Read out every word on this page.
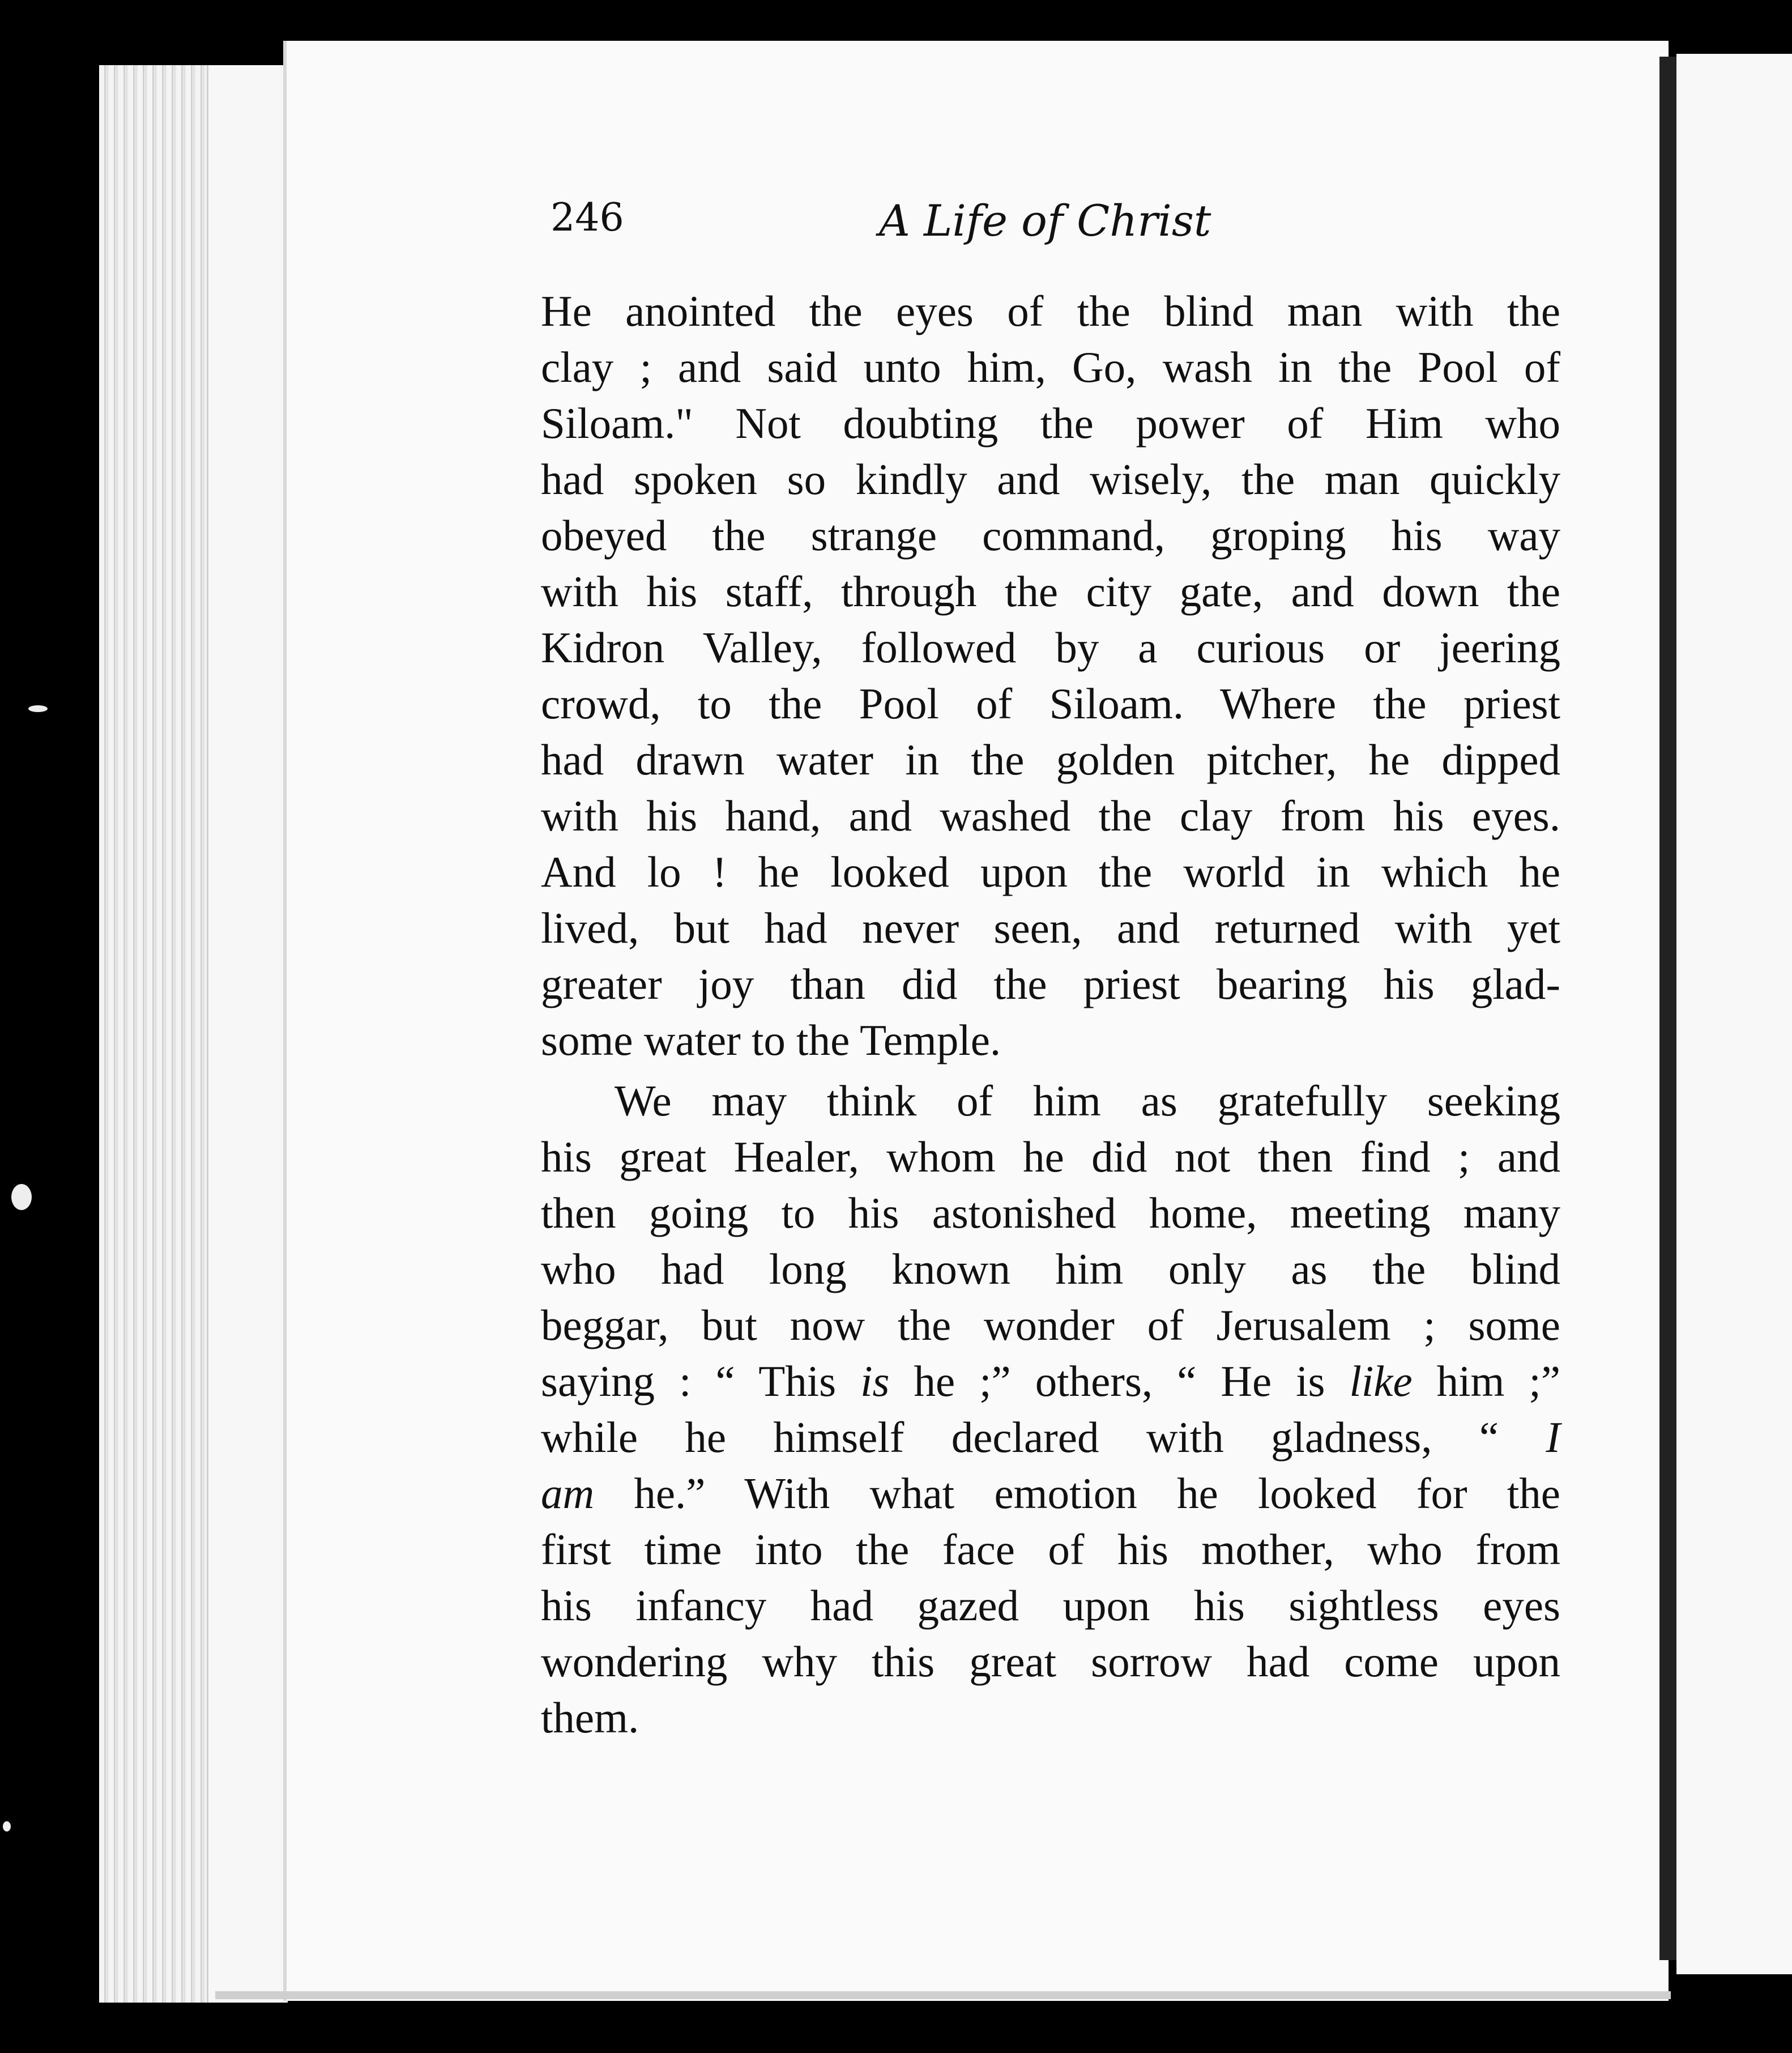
246	A Life of Christ
He anointed the eyes of the blind man with the
clay ; and said unto him, Go, wash in the Pool of
Siloam." Not doubting the power of Him who
had spoken so kindly and wisely, the man quickly
obeyed the strange command, groping his way
with his staff, through the city gate, and down the
Kidron Valley, followed by a curious or jeering
crowd, to the Pool of Siloam. Where the priest
had drawn water in the golden pitcher, he dipped
with his hand, and washed the clay from his eyes.
And lo ! he looked upon the world in which he
lived, but had never seen, and returned with yet
greater joy than did the priest bearing his glad-
some water to the Temple.
We may think of him as gratefully seeking
his great Healer, whom he did not then find ; and
then going to his astonished home, meeting many
who had long known him only as the blind
beggar, but now the wonder of Jerusalem ; some
saying : “ This is he ;” others, “ He is like him ;”
while he himself declared with gladness, “ I
am he.” With what emotion he looked for the
first time into the face of his mother, who from
his infancy had gazed upon his sightless eyes
wondering why this great sorrow had come upon
them.
